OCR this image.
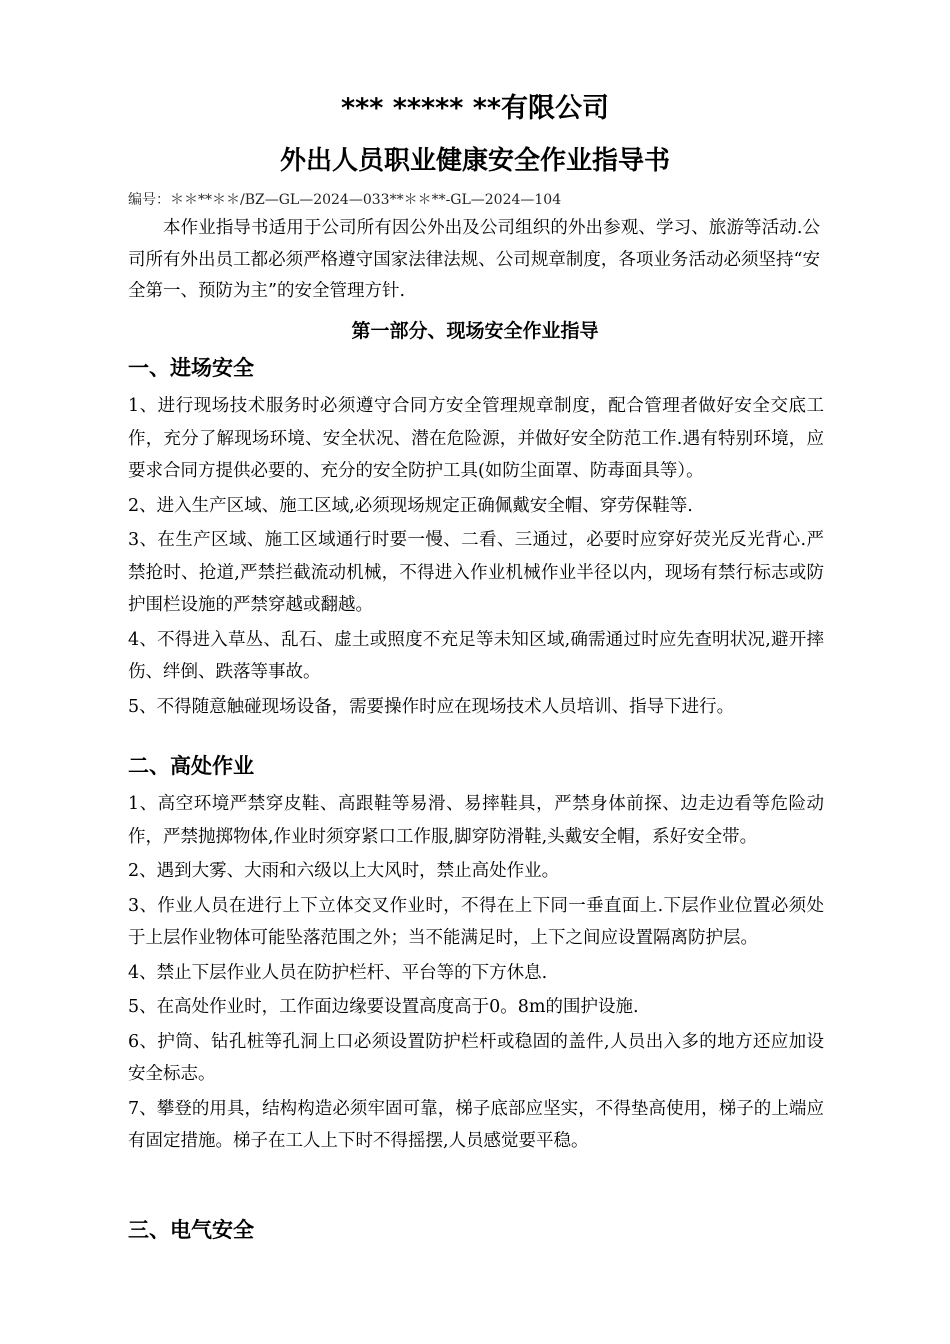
*** ***** **有限公司
外出人员职业健康安全作业指导书
编号：＊＊**＊＊/BZ—GL—2024—033**＊＊**-GL—2024—104
本作业指导书适用于公司所有因公外出及公司组织的外出参观、学习、旅游等活动.公司所有外出员工都必须严格遵守国家法律法规、公司规章制度，各项业务活动必须坚持“安全第一、预防为主”的安全管理方针.
第一部分、现场安全作业指导
一、进场安全
1、进行现场技术服务时必须遵守合同方安全管理规章制度，配合管理者做好安全交底工作，充分了解现场环境、安全状况、潜在危险源，并做好安全防范工作.遇有特别环境，应要求合同方提供必要的、充分的安全防护工具(如防尘面罩、防毒面具等）。
2、进入生产区域、施工区域,必须现场规定正确佩戴安全帽、穿劳保鞋等.
3、在生产区域、施工区域通行时要一慢、二看、三通过，必要时应穿好荧光反光背心.严禁抢时、抢道,严禁拦截流动机械，不得进入作业机械作业半径以内，现场有禁行标志或防护围栏设施的严禁穿越或翻越。
4、不得进入草丛、乱石、虚土或照度不充足等未知区域,确需通过时应先查明状况,避开摔伤、绊倒、跌落等事故。
5、不得随意触碰现场设备，需要操作时应在现场技术人员培训、指导下进行。
二、高处作业
1、高空环境严禁穿皮鞋、高跟鞋等易滑、易摔鞋具，严禁身体前探、边走边看等危险动作，严禁抛掷物体,作业时须穿紧口工作服,脚穿防滑鞋,头戴安全帽，系好安全带。
2、遇到大雾、大雨和六级以上大风时，禁止高处作业。
3、作业人员在进行上下立体交叉作业时，不得在上下同一垂直面上.下层作业位置必须处于上层作业物体可能坠落范围之外；当不能满足时，上下之间应设置隔离防护层。
4、禁止下层作业人员在防护栏杆、平台等的下方休息.
5、在高处作业时，工作面边缘要设置高度高于0。8m的围护设施.
6、护筒、钻孔桩等孔洞上口必须设置防护栏杆或稳固的盖件,人员出入多的地方还应加设安全标志。
7、攀登的用具，结构构造必须牢固可靠，梯子底部应坚实，不得垫高使用，梯子的上端应有固定措施。梯子在工人上下时不得摇摆,人员感觉要平稳。
三、电气安全
